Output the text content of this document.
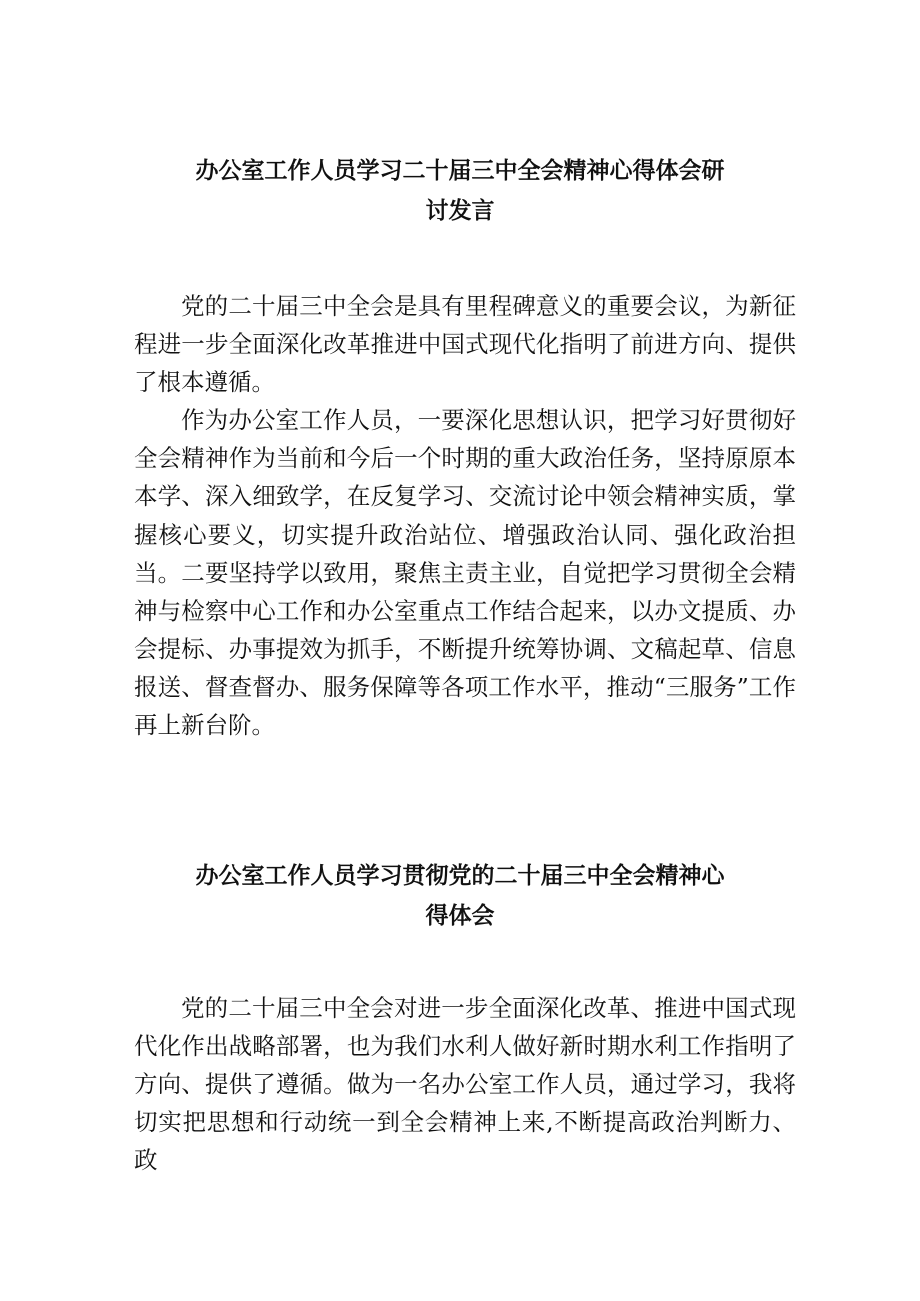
办公室工作人员学习二十届三中全会精神心得体会研
讨发言

党的二十届三中全会是具有里程碑意义的重要会议，为新征程进一步全面深化改革推进中国式现代化指明了前进方向、提供了根本遵循。

作为办公室工作人员，一要深化思想认识，把学习好贯彻好全会精神作为当前和今后一个时期的重大政治任务，坚持原原本本学、深入细致学，在反复学习、交流讨论中领会精神实质，掌握核心要义，切实提升政治站位、增强政治认同、强化政治担当。二要坚持学以致用，聚焦主责主业，自觉把学习贯彻全会精神与检察中心工作和办公室重点工作结合起来，以办文提质、办会提标、办事提效为抓手，不断提升统筹协调、文稿起草、信息报送、督查督办、服务保障等各项工作水平，推动“三服务”工作再上新台阶。

办公室工作人员学习贯彻党的二十届三中全会精神心
得体会

党的二十届三中全会对进一步全面深化改革、推进中国式现代化作出战略部署，也为我们水利人做好新时期水利工作指明了方向、提供了遵循。做为一名办公室工作人员，通过学习，我将切实把思想和行动统一到全会精神上来,不断提高政治判断力、政
